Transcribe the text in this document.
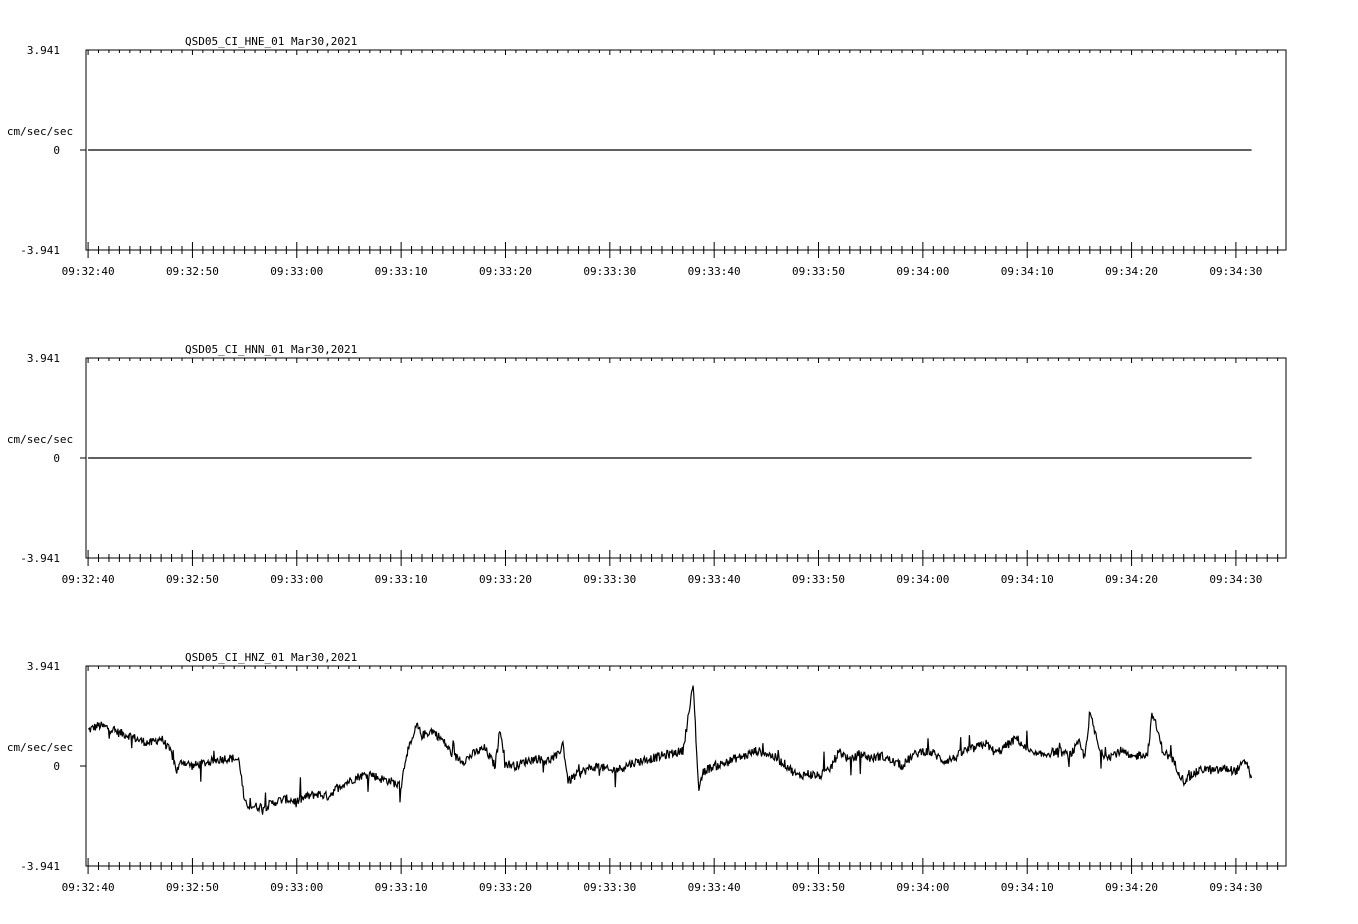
QSD05_CI_HNE_01 Mar30,2021
3.941
0
-3.941
cm/sec/sec
09:32:40	09:32:50	09:33:00	09:33:10	09:33:20	09:33:30	09:33:40	09:33:50	09:34:00	09:34:10	09:34:20	09:34:30
QSD05_CI_HNN_01 Mar30,2021
3.941
0
-3.941
cm/sec/sec
09:32:40	09:32:50	09:33:00	09:33:10	09:33:20	09:33:30	09:33:40	09:33:50	09:34:00	09:34:10	09:34:20	09:34:30
QSD05_CI_HNZ_01 Mar30,2021
3.941
0
-3.941
cm/sec/sec
09:32:40	09:32:50	09:33:00	09:33:10	09:33:20	09:33:30	09:33:40	09:33:50	09:34:00	09:34:10	09:34:20	09:34:30
